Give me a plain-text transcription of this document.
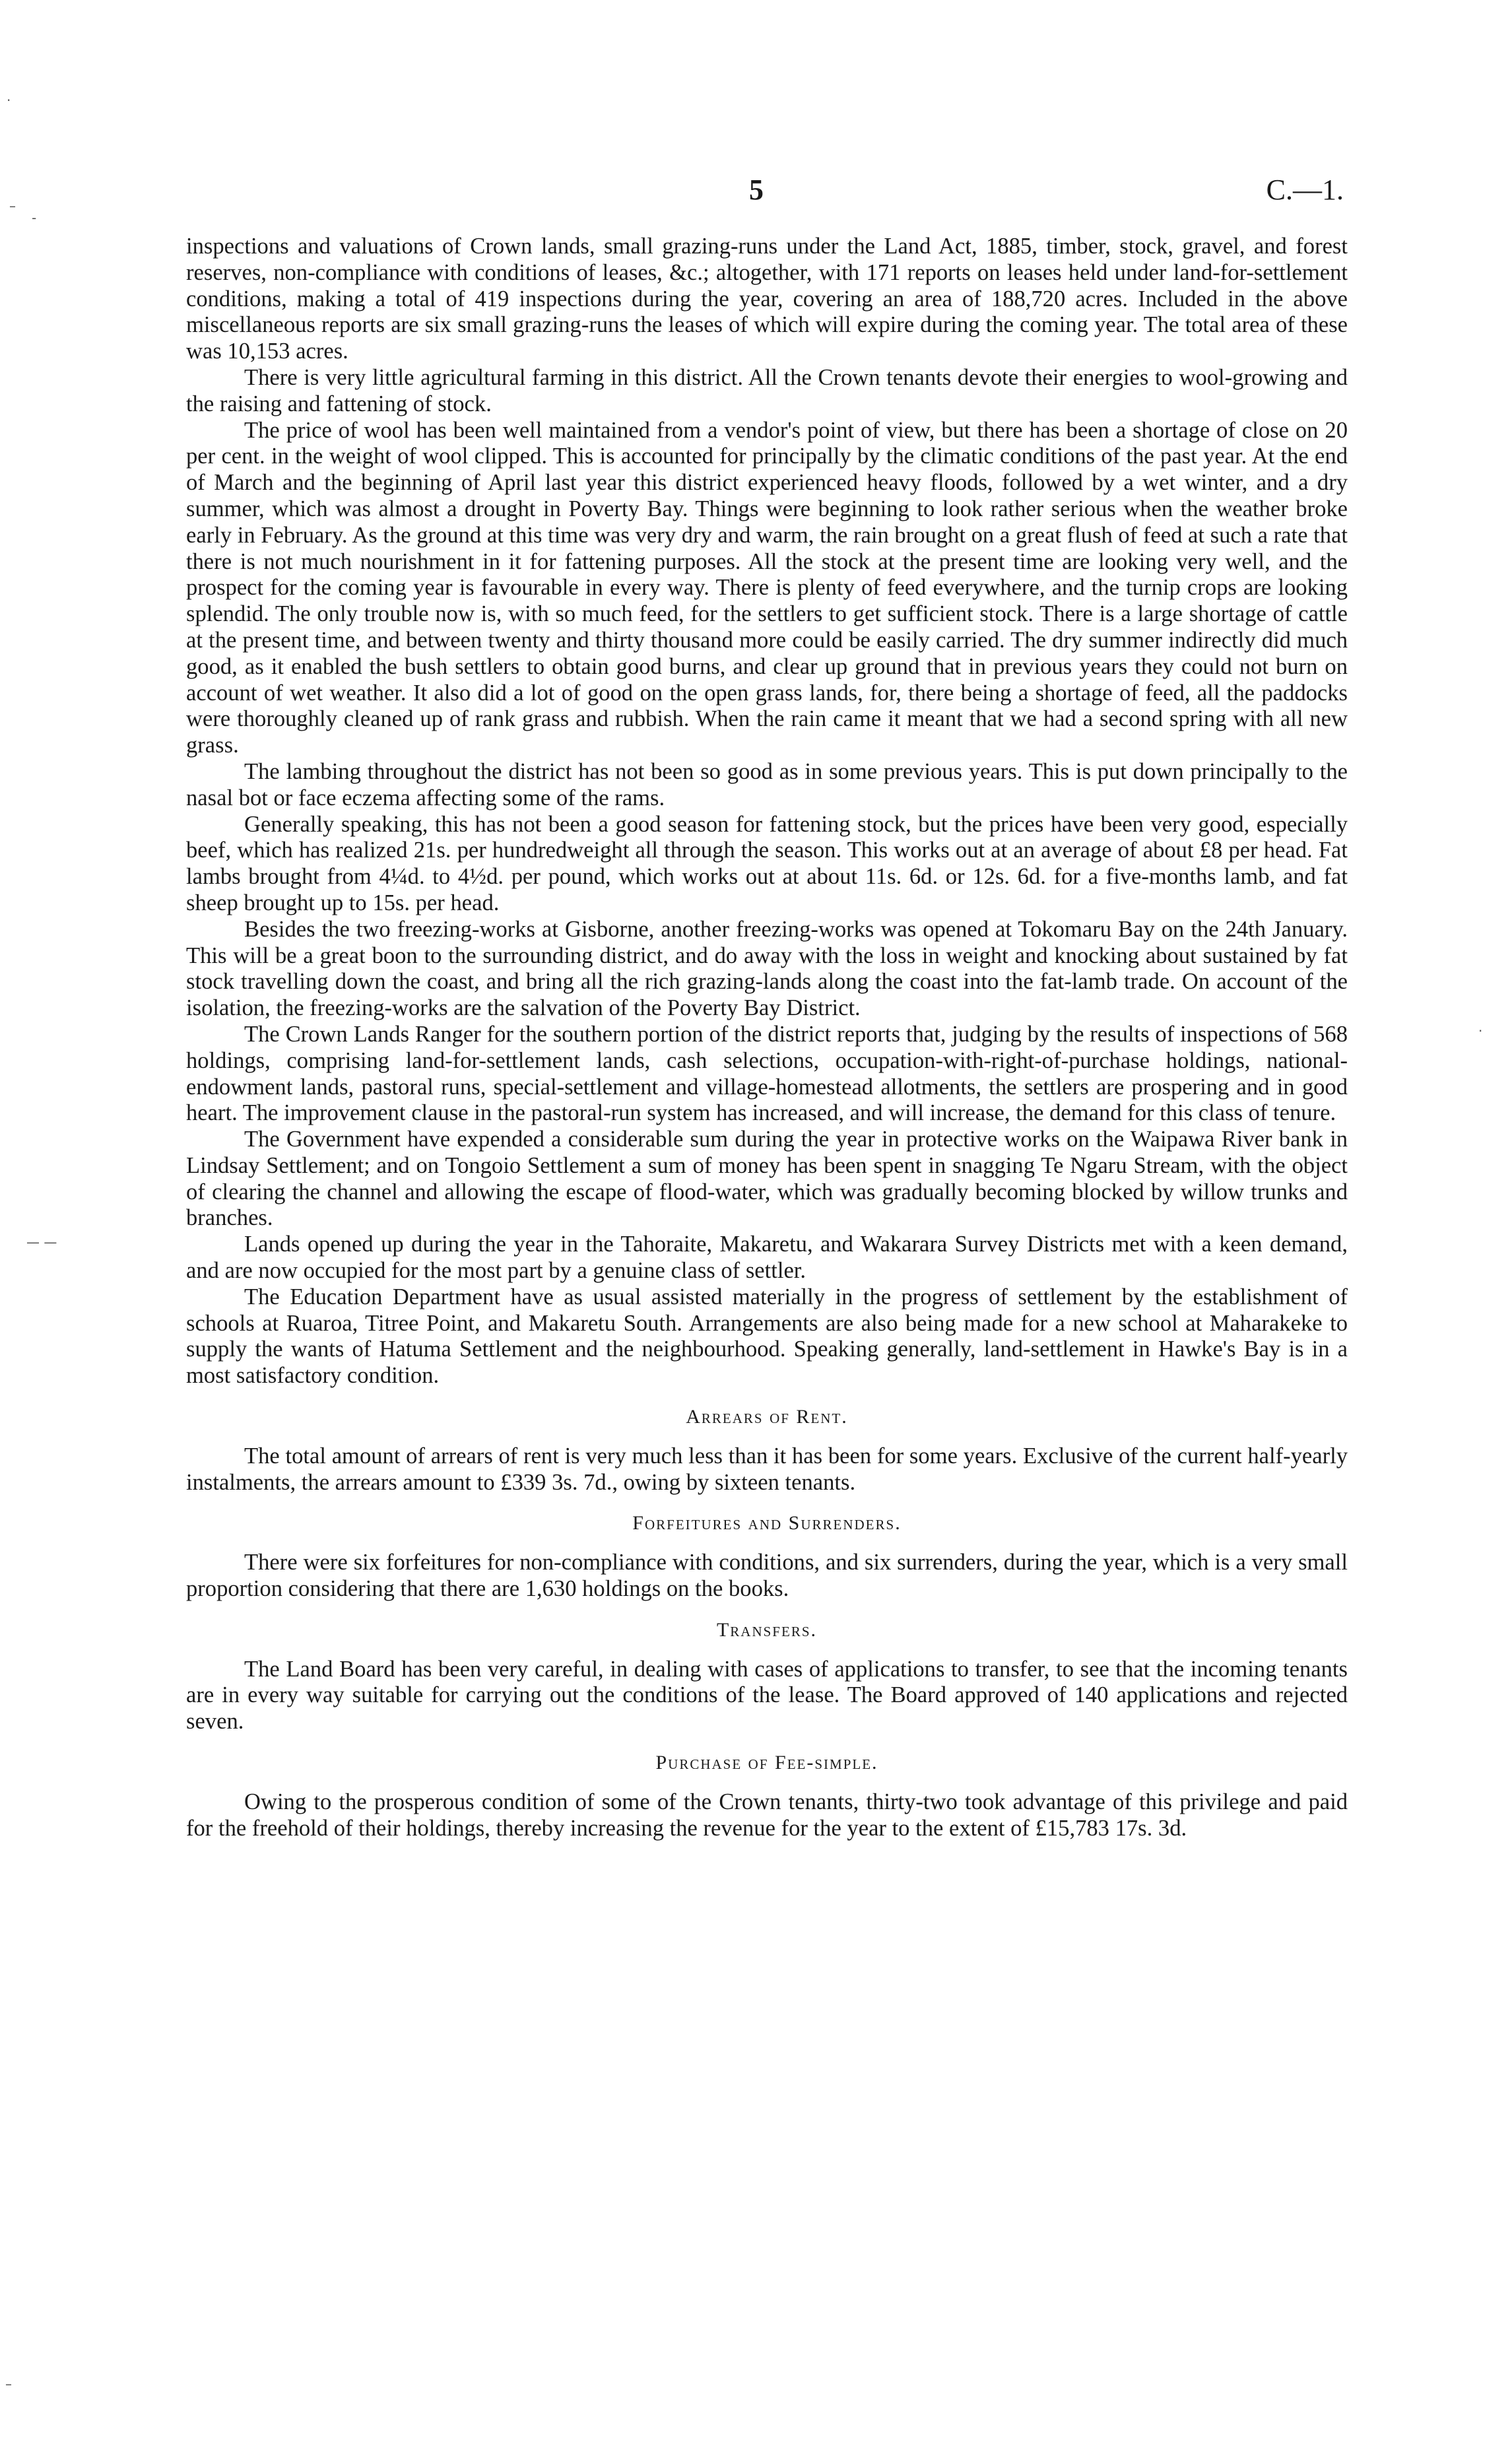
·
–
-
— —
·
–
5	C.—1.

inspections and valuations of Crown lands, small grazing-runs under the Land Act, 1885, timber, stock, gravel, and forest reserves, non-compliance with conditions of leases, &c.; altogether, with 171 reports on leases held under land-for-settlement conditions, making a total of 419 inspections during the year, covering an area of 188,720 acres. Included in the above miscellaneous reports are six small grazing-runs the leases of which will expire during the coming year. The total area of these was 10,153 acres.

There is very little agricultural farming in this district. All the Crown tenants devote their energies to wool-growing and the raising and fattening of stock.

The price of wool has been well maintained from a vendor's point of view, but there has been a shortage of close on 20 per cent. in the weight of wool clipped. This is accounted for principally by the climatic conditions of the past year. At the end of March and the beginning of April last year this district experienced heavy floods, followed by a wet winter, and a dry summer, which was almost a drought in Poverty Bay. Things were beginning to look rather serious when the weather broke early in February. As the ground at this time was very dry and warm, the rain brought on a great flush of feed at such a rate that there is not much nourishment in it for fattening purposes. All the stock at the present time are looking very well, and the prospect for the coming year is favourable in every way. There is plenty of feed everywhere, and the turnip crops are looking splendid. The only trouble now is, with so much feed, for the settlers to get sufficient stock. There is a large shortage of cattle at the present time, and between twenty and thirty thousand more could be easily carried. The dry summer indirectly did much good, as it enabled the bush settlers to obtain good burns, and clear up ground that in previous years they could not burn on account of wet weather. It also did a lot of good on the open grass lands, for, there being a shortage of feed, all the paddocks were thoroughly cleaned up of rank grass and rubbish. When the rain came it meant that we had a second spring with all new grass.

The lambing throughout the district has not been so good as in some previous years. This is put down principally to the nasal bot or face eczema affecting some of the rams.

Generally speaking, this has not been a good season for fattening stock, but the prices have been very good, especially beef, which has realized 21s. per hundredweight all through the season. This works out at an average of about £8 per head. Fat lambs brought from 4¼d. to 4½d. per pound, which works out at about 11s. 6d. or 12s. 6d. for a five-months lamb, and fat sheep brought up to 15s. per head.

Besides the two freezing-works at Gisborne, another freezing-works was opened at Tokomaru Bay on the 24th January. This will be a great boon to the surrounding district, and do away with the loss in weight and knocking about sustained by fat stock travelling down the coast, and bring all the rich grazing-lands along the coast into the fat-lamb trade. On account of the isolation, the freezing-works are the salvation of the Poverty Bay District.

The Crown Lands Ranger for the southern portion of the district reports that, judging by the results of inspections of 568 holdings, comprising land-for-settlement lands, cash selections, occupation-with-right-of-purchase holdings, national-endowment lands, pastoral runs, special-settlement and village-homestead allotments, the settlers are prospering and in good heart. The improvement clause in the pastoral-run system has increased, and will increase, the demand for this class of tenure.

The Government have expended a considerable sum during the year in protective works on the Waipawa River bank in Lindsay Settlement; and on Tongoio Settlement a sum of money has been spent in snagging Te Ngaru Stream, with the object of clearing the channel and allowing the escape of flood-water, which was gradually becoming blocked by willow trunks and branches.

Lands opened up during the year in the Tahoraite, Makaretu, and Wakarara Survey Districts met with a keen demand, and are now occupied for the most part by a genuine class of settler.

The Education Department have as usual assisted materially in the progress of settlement by the establishment of schools at Ruaroa, Titree Point, and Makaretu South. Arrangements are also being made for a new school at Maharakeke to supply the wants of Hatuma Settlement and the neighbourhood. Speaking generally, land-settlement in Hawke's Bay is in a most satisfactory condition.

Arrears of Rent.

The total amount of arrears of rent is very much less than it has been for some years. Exclusive of the current half-yearly instalments, the arrears amount to £339 3s. 7d., owing by sixteen tenants.

Forfeitures and Surrenders.

There were six forfeitures for non-compliance with conditions, and six surrenders, during the year, which is a very small proportion considering that there are 1,630 holdings on the books.

Transfers.

The Land Board has been very careful, in dealing with cases of applications to transfer, to see that the incoming tenants are in every way suitable for carrying out the conditions of the lease. The Board approved of 140 applications and rejected seven.

Purchase of Fee-simple.

Owing to the prosperous condition of some of the Crown tenants, thirty-two took advantage of this privilege and paid for the freehold of their holdings, thereby increasing the revenue for the year to the extent of £15,783 17s. 3d.
